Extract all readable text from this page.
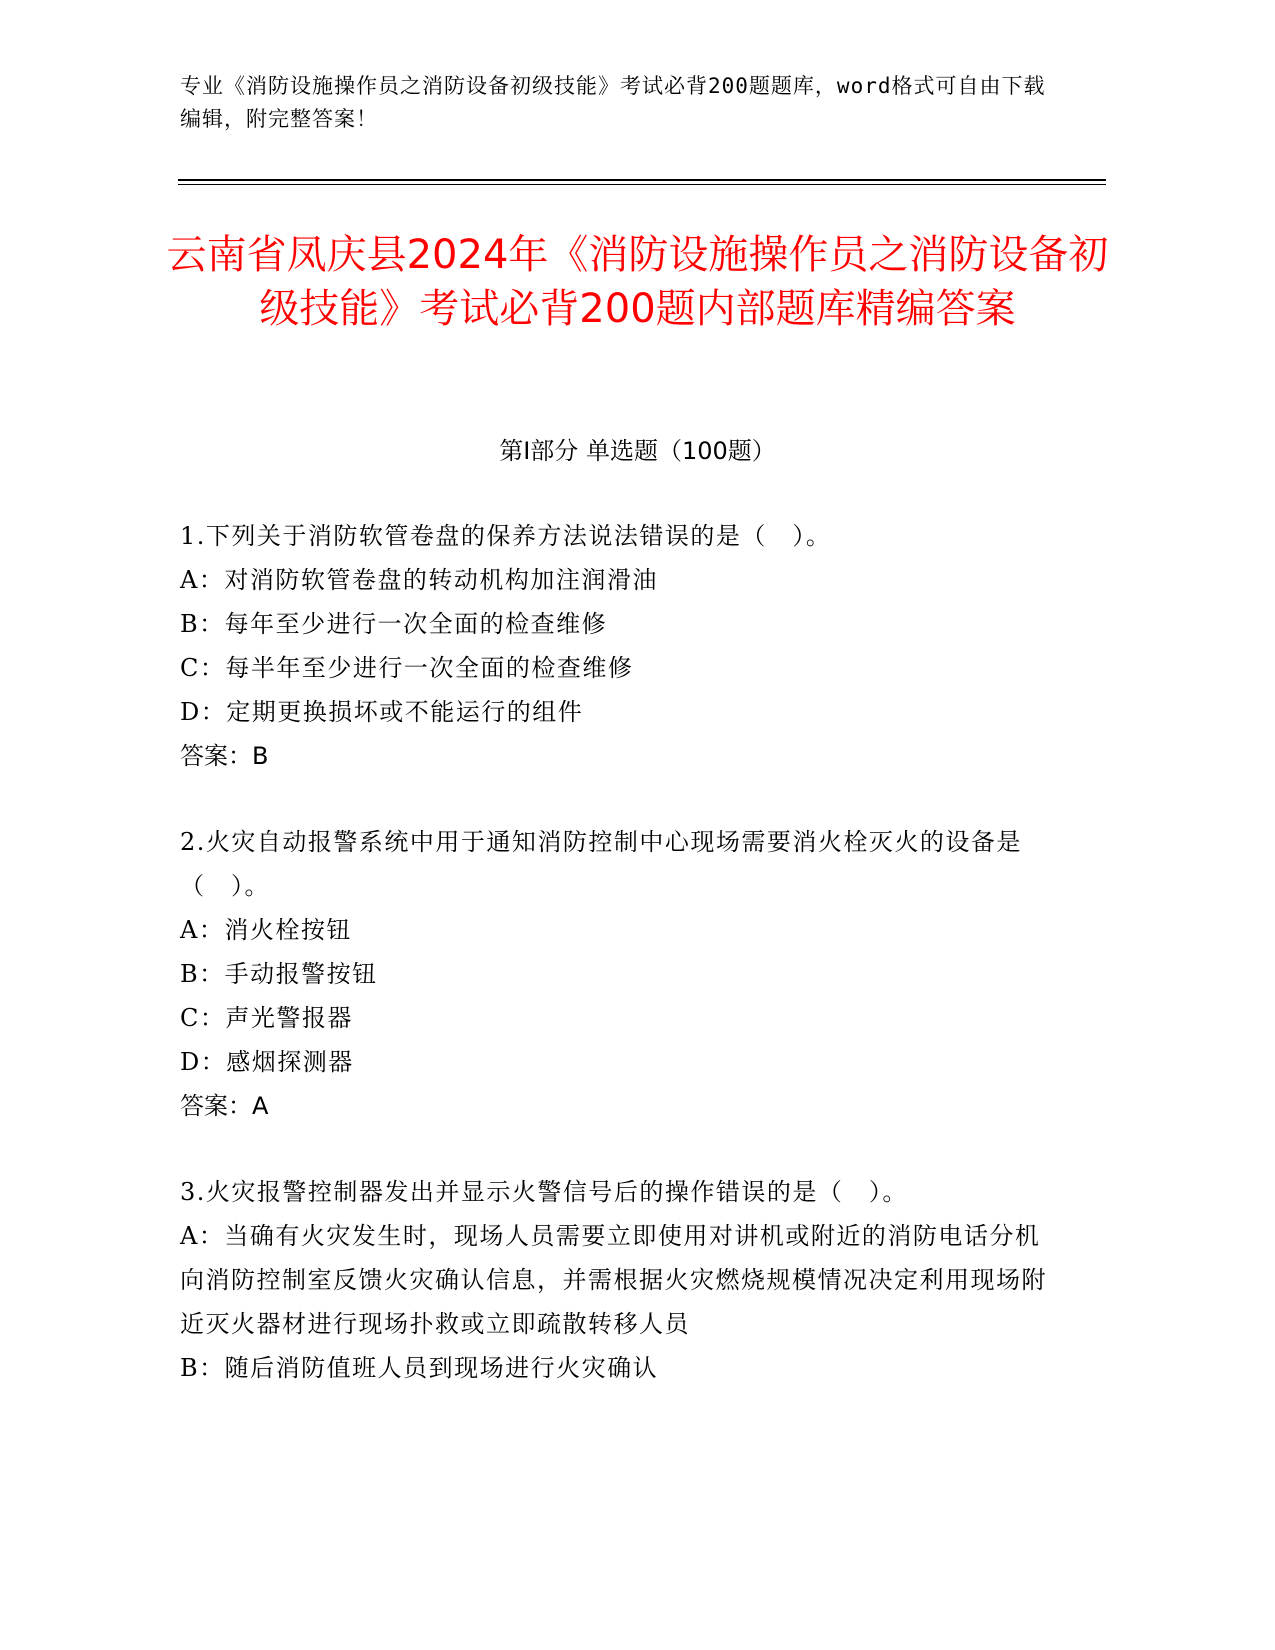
专业《消防设施操作员之消防设备初级技能》考试必背200题题库，word格式可自由下载编辑，附完整答案！
云南省凤庆县2024年《消防设施操作员之消防设备初级技能》考试必背200题内部题库精编答案
第I部分 单选题（100题）

1.下列关于消防软管卷盘的保养方法说法错误的是（　）。

A：对消防软管卷盘的转动机构加注润滑油

B：每年至少进行一次全面的检查维修

C：每半年至少进行一次全面的检查维修

D：定期更换损坏或不能运行的组件

答案：B

2.火灾自动报警系统中用于通知消防控制中心现场需要消火栓灭火的设备是（　）。

A：消火栓按钮

B：手动报警按钮

C：声光警报器

D：感烟探测器

答案：A

3.火灾报警控制器发出并显示火警信号后的操作错误的是（　）。

A：当确有火灾发生时，现场人员需要立即使用对讲机或附近的消防电话分机向消防控制室反馈火灾确认信息，并需根据火灾燃烧规模情况决定利用现场附近灭火器材进行现场扑救或立即疏散转移人员

B：随后消防值班人员到现场进行火灾确认
